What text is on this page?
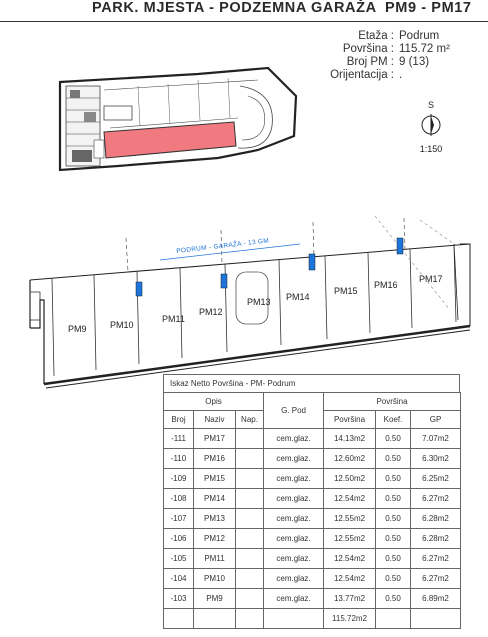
PARK. MJESTA - PODZEMNA GARAŽA PM9 - PM17
Etaža : Podrum
Površina : 115.72 m²
Broj PM : 9 (13)
Orijentacija : .
S
1:150
PODRUM - GARAŽA - 13 GM
PM9	PM10
PM11
PM12
PM13 PM14
PM15
PM16
PM17
Iskaz Netto Površina - PM- Podrum
Opis			G. Pod	Površina		
Broj	Naziv	Nap.		Površina	Koef.	GP
-111	PM17		cem.glaz.	14.13m2	0.50	7.07m2
-110	PM16		cem.glaz.	12.60m2	0.50	6.30m2
-109	PM15		cem.glaz.	12.50m2	0.50	6.25m2
-108	PM14		cem.glaz.	12.54m2	0.50	6.27m2
-107	PM13		cem.glaz.	12.55m2	0.50	6.28m2
-106	PM12		cem.glaz.	12.55m2	0.50	6.28m2
-105	PM11		cem.glaz.	12.54m2	0.50	6.27m2
-104	PM10		cem.glaz.	12.54m2	0.50	6.27m2
-103	PM9		cem.glaz.	13.77m2	0.50	6.89m2
				115.72m2		
